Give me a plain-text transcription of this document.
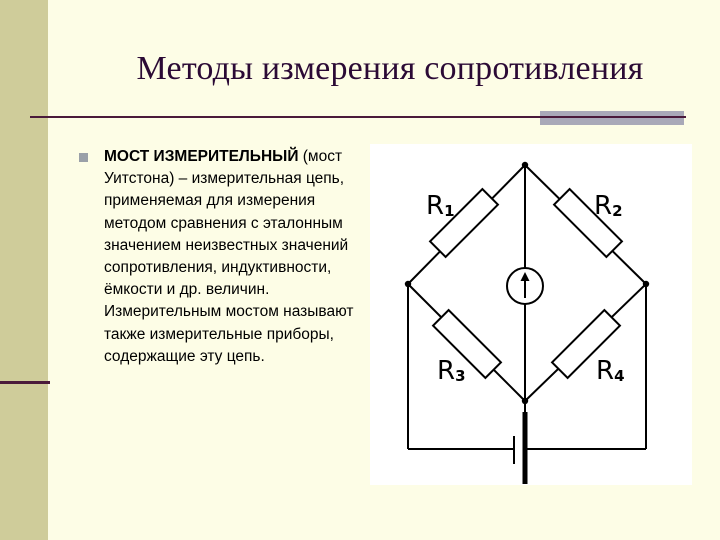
Методы измерения сопротивления
МОСТ ИЗМЕРИТЕЛЬНЫЙ (мост Уитстона) – измерительная цепь, применяемая для измерения методом сравнения с эталонным значением неизвестных значений сопротивления, индуктивности, ёмкости и др. величин. Измерительным мостом называют также измерительные приборы, содержащие эту цепь.
R1	R2
R3	R4
